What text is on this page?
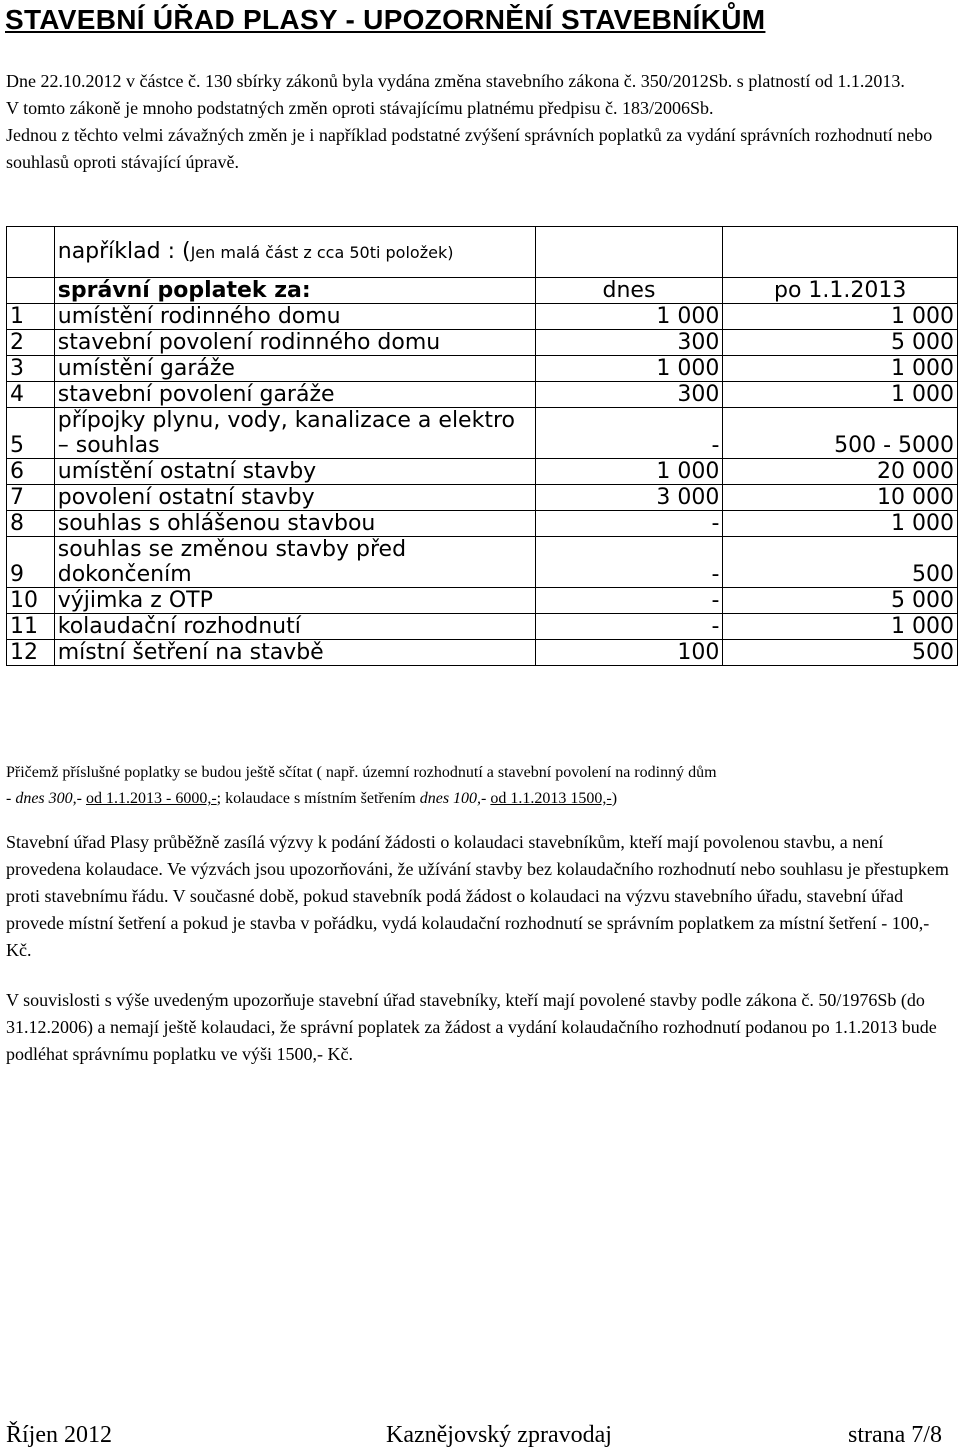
STAVEBNÍ ÚŘAD PLASY - UPOZORNĚNÍ STAVEBNÍKŮM

Dne 22.10.2012 v částce č. 130 sbírky zákonů byla vydána změna stavebního zákona č. 350/2012Sb. s platností od 1.1.2013.

V tomto zákoně je mnoho podstatných změn oproti stávajícímu platnému předpisu č. 183/2006Sb.

Jednou z těchto velmi závažných změn je i například podstatné zvýšení správních poplatků za vydání správních rozhodnutí nebo souhlasů oproti stávající úpravě.

	například : (Jen malá část z cca 50ti položek)		
	správní poplatek za:	dnes	po 1.1.2013
1	umístění rodinného domu	1 000	1 000
2	stavební povolení rodinného domu	300	5 000
3	umístění garáže	1 000	1 000
4	stavební povolení garáže	300	1 000
5	přípojky plynu, vody, kanalizace a elektro – souhlas	-	500 - 5000
6	umístění ostatní stavby	1 000	20 000
7	povolení ostatní stavby	3 000	10 000
8	souhlas s ohlášenou stavbou	-	1 000
9	souhlas se změnou stavby před dokončením	-	500
10	výjimka z OTP	-	5 000
11	kolaudační rozhodnutí	-	1 000
12	místní šetření na stavbě	100	500

Přičemž příslušné poplatky se budou ještě sčítat ( např. územní rozhodnutí a stavební povolení na rodinný dům

- dnes 300,- od 1.1.2013 - 6000,-; kolaudace s místním šetřením dnes 100,- od 1.1.2013 1500,-)

Stavební úřad Plasy průběžně zasílá výzvy k podání žádosti o kolaudaci stavebníkům, kteří mají povolenou stavbu, a není provedena kolaudace. Ve výzvách jsou upozorňováni, že užívání stavby bez kolaudačního rozhodnutí nebo souhlasu je přestupkem proti stavebnímu řádu. V současné době, pokud stavebník podá žádost o kolaudaci na výzvu stavebního úřadu, stavební úřad provede místní šetření a pokud je stavba v pořádku, vydá kolaudační rozhodnutí se správním poplatkem za místní šetření - 100,- Kč.

V souvislosti s výše uvedeným upozorňuje stavební úřad stavebníky, kteří mají povolené stavby podle zákona č. 50/1976Sb (do 31.12.2006) a nemají ještě kolaudaci, že správní poplatek za žádost a vydání kolaudačního rozhodnutí podanou po 1.1.2013 bude podléhat správnímu poplatku ve výši 1500,- Kč.

Říjen 2012	Kaznějovský zpravodaj	strana 7/8
